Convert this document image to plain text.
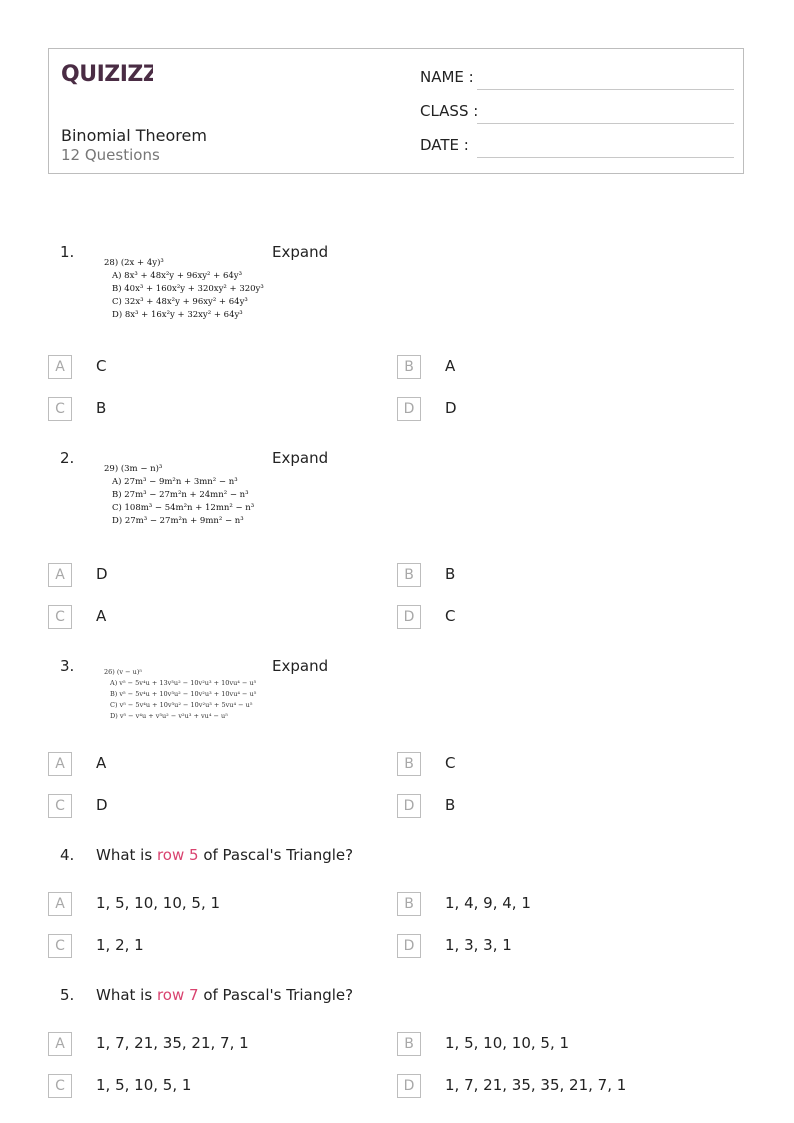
QUIZIZZ
Binomial Theorem
12 Questions
NAME :
CLASS :
DATE :
1.
28) (2x + 4y)³
A) 8x³ + 48x²y + 96xy² + 64y³
B) 40x³ + 160x²y + 320xy² + 320y³
C) 32x³ + 48x²y + 96xy² + 64y³
D) 8x³ + 16x²y + 32xy² + 64y³
Expand
A	C	B	A
C	B	D	D
2.
29) (3m − n)³
A) 27m³ − 9m²n + 3mn² − n³
B) 27m³ − 27m²n + 24mn² − n³
C) 108m³ − 54m²n + 12mn² − n³
D) 27m³ − 27m²n + 9mn² − n³
Expand
A	D	B	B
C	A	D	C
3.	26) (v − u)⁵
A) v⁵ − 5v⁴u + 13v³u² − 10v²u³ + 10vu⁴ − u⁵
B) v⁵ − 5v⁴u + 10v³u² − 10v²u³ + 10vu⁴ − u⁵
C) v⁵ − 5v⁴u + 10v³u² − 10v²u³ + 5vu⁴ − u⁵
D) v⁵ − v⁴u + v³u² − v²u³ + vu⁴ − u⁵
Expand
A	A	B	C
C	D	D	B
4. What is row 5 of Pascal's Triangle?
A	1, 5, 10, 10, 5, 1	B	1, 4, 9, 4, 1
C	1, 2, 1	D	1, 3, 3, 1
5. What is row 7 of Pascal's Triangle?
A	1, 7, 21, 35, 21, 7, 1	B	1, 5, 10, 10, 5, 1
C	1, 5, 10, 5, 1	D	1, 7, 21, 35, 35, 21, 7, 1
